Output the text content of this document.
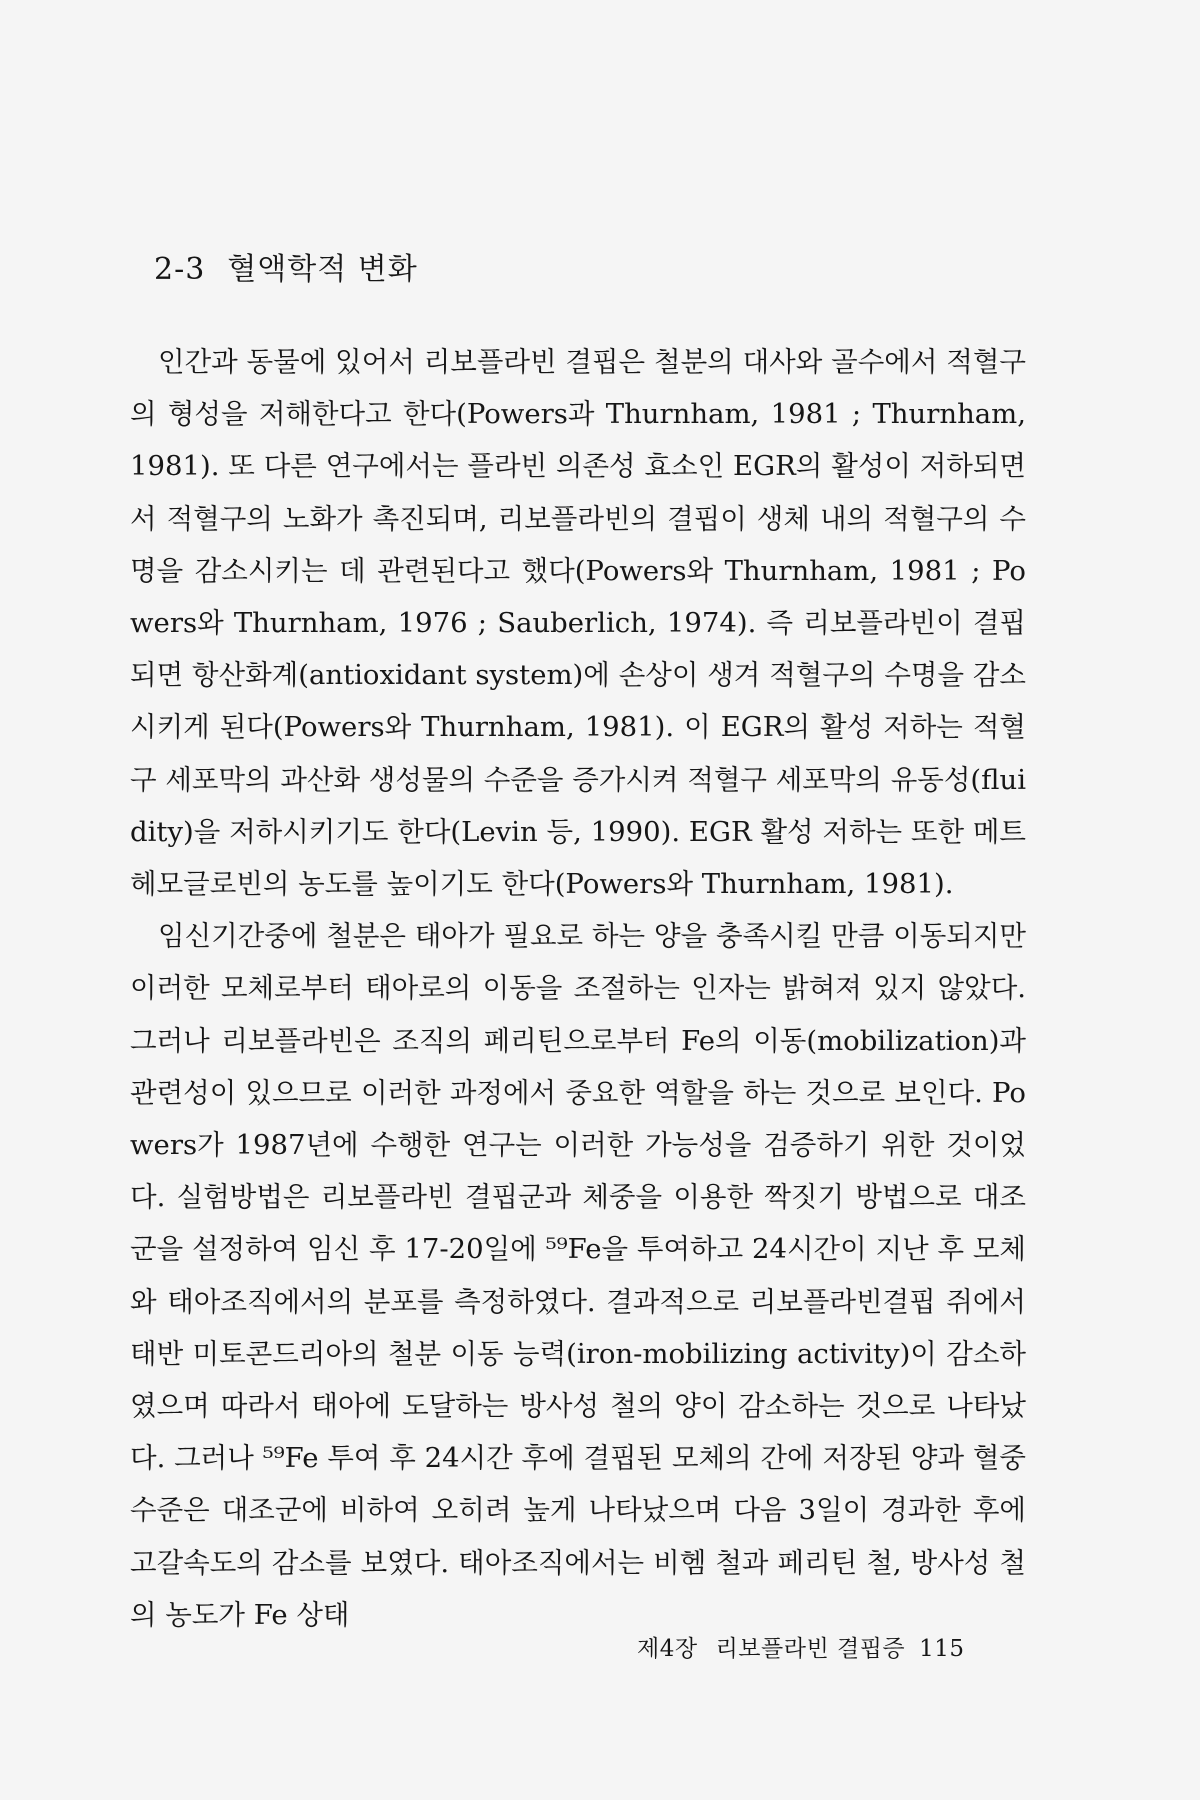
2-3 혈액학적 변화

인간과 동물에 있어서 리보플라빈 결핍은 철분의 대사와 골수에서 적혈구의 형성을 저해한다고 한다(Powers과 Thurnham, 1981 ; Thurnham, 1981). 또 다른 연구에서는 플라빈 의존성 효소인 EGR의 활성이 저하되면서 적혈구의 노화가 촉진되며, 리보플라빈의 결핍이 생체 내의 적혈구의 수명을 감소시키는 데 관련된다고 했다(Powers와 Thurnham, 1981 ; Powers와 Thurnham, 1976 ; Sauberlich, 1974). 즉 리보플라빈이 결핍되면 항산화계(antioxidant system)에 손상이 생겨 적혈구의 수명을 감소시키게 된다(Powers와 Thurnham, 1981). 이 EGR의 활성 저하는 적혈구 세포막의 과산화 생성물의 수준을 증가시켜 적혈구 세포막의 유동성(fluidity)을 저하시키기도 한다(Levin 등, 1990). EGR 활성 저하는 또한 메트헤모글로빈의 농도를 높이기도 한다(Powers와 Thurnham, 1981).

임신기간중에 철분은 태아가 필요로 하는 양을 충족시킬 만큼 이동되지만 이러한 모체로부터 태아로의 이동을 조절하는 인자는 밝혀져 있지 않았다. 그러나 리보플라빈은 조직의 페리틴으로부터 Fe의 이동(mobilization)과 관련성이 있으므로 이러한 과정에서 중요한 역할을 하는 것으로 보인다. Powers가 1987년에 수행한 연구는 이러한 가능성을 검증하기 위한 것이었다. 실험방법은 리보플라빈 결핍군과 체중을 이용한 짝짓기 방법으로 대조군을 설정하여 임신 후 17-20일에 ⁵⁹Fe을 투여하고 24시간이 지난 후 모체와 태아조직에서의 분포를 측정하였다. 결과적으로 리보플라빈결핍 쥐에서 태반 미토콘드리아의 철분 이동 능력(iron-mobilizing activity)이 감소하였으며 따라서 태아에 도달하는 방사성 철의 양이 감소하는 것으로 나타났다. 그러나 ⁵⁹Fe 투여 후 24시간 후에 결핍된 모체의 간에 저장된 양과 혈중 수준은 대조군에 비하여 오히려 높게 나타났으며 다음 3일이 경과한 후에 고갈속도의 감소를 보였다. 태아조직에서는 비헴 철과 페리틴 철, 방사성 철의 농도가 Fe 상태

제4장 리보플라빈 결핍증 115
